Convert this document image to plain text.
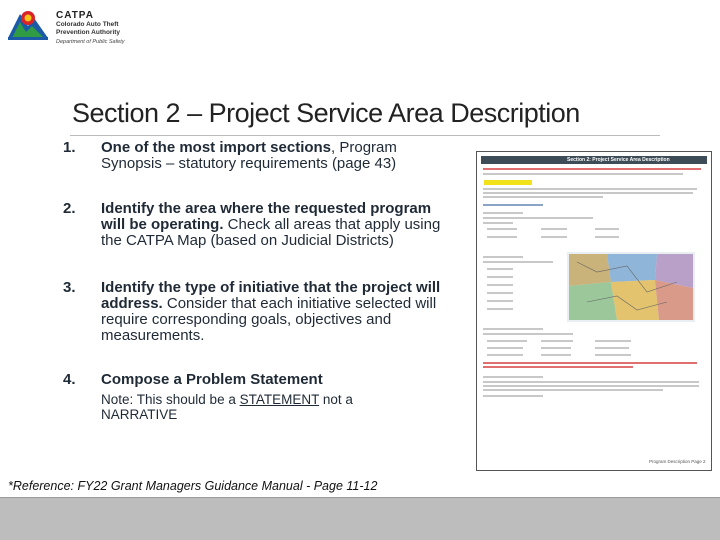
CATPA
Colorado Auto Theft
Prevention Authority
Department of Public Safety
Section 2 – Project Service Area Description
1.	One of the most import sections, Program Synopsis – statutory requirements (page 43)
2.	Identify the area where the requested program will be operating. Check all areas that apply using the CATPA Map (based on Judicial Districts)
3.	Identify the type of initiative that the project will address. Consider that each initiative selected will require corresponding goals, objectives and measurements.
4.	Compose a Problem Statement
Note: This should be a STATEMENT not a NARRATIVE
Section 2: Project Service Area Description
Program Description Page 2
*Reference: FY22 Grant Managers Guidance Manual - Page 11-12
